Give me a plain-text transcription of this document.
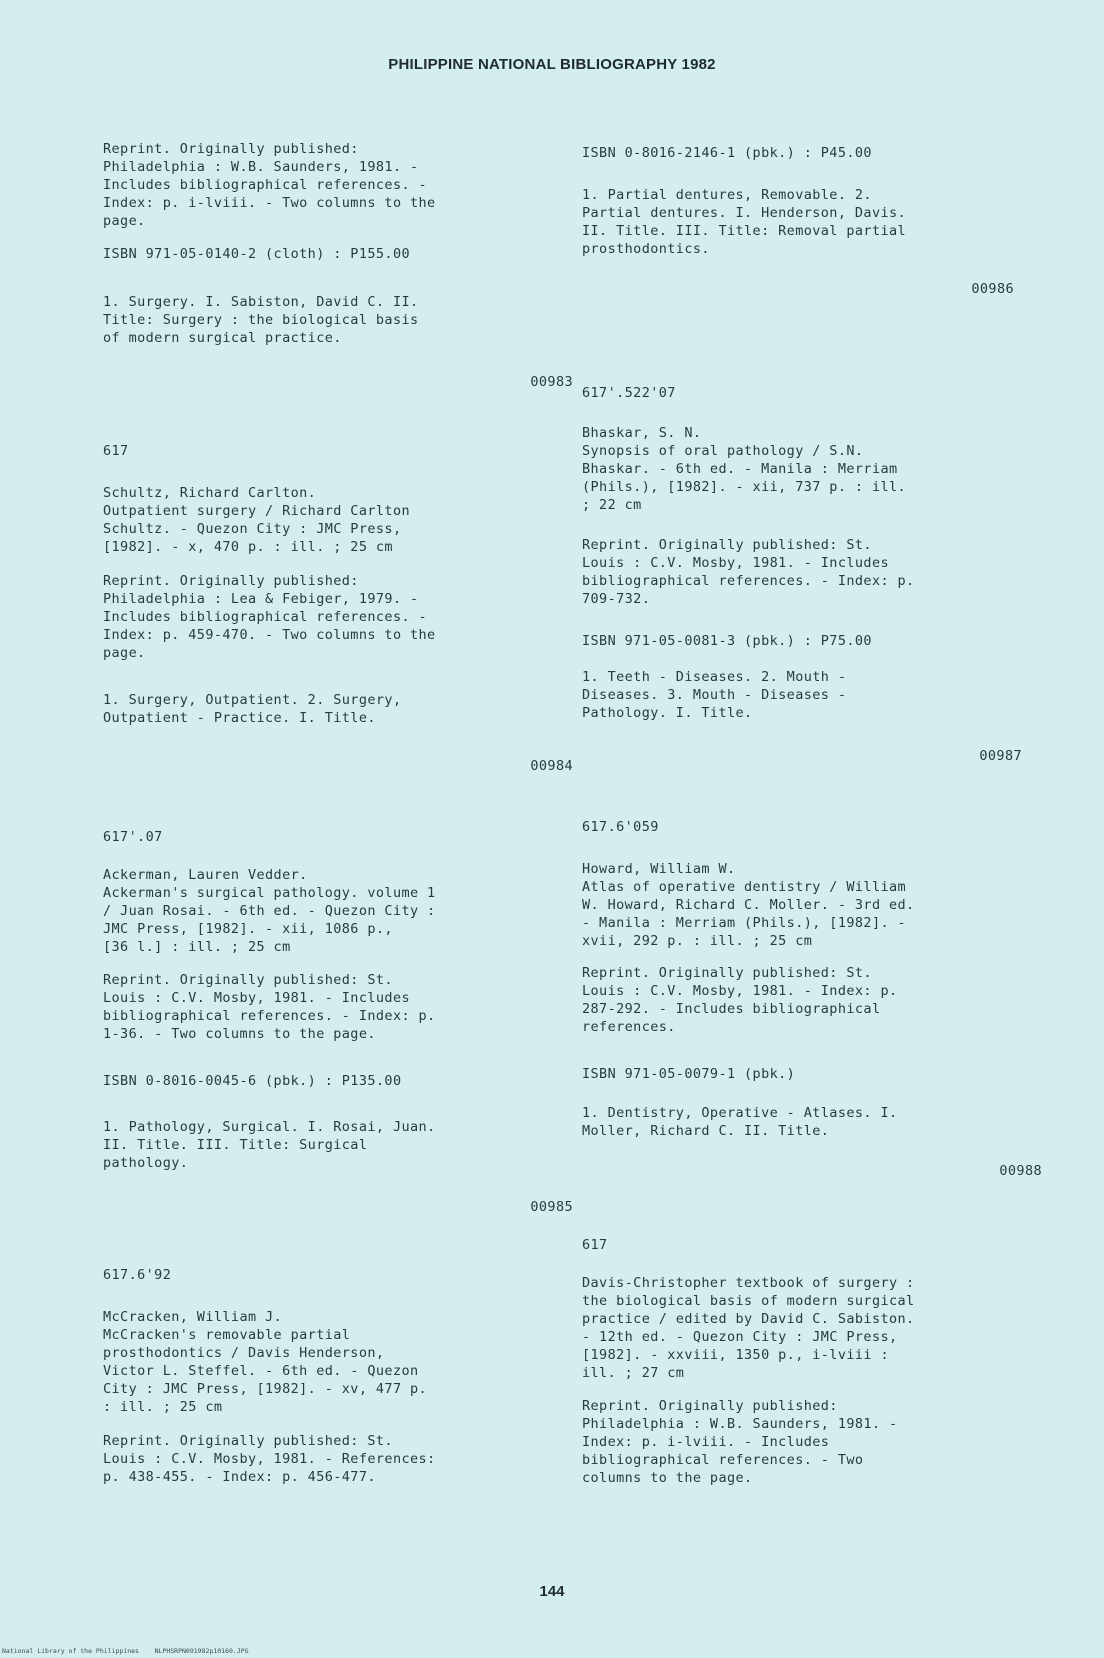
PHILIPPINE NATIONAL BIBLIOGRAPHY 1982

Reprint. Originally published:
Philadelphia : W.B. Saunders, 1981. -
Includes bibliographical references. -
Index: p. i-lviii. - Two columns to the
page.

ISBN 971-05-0140-2 (cloth) : P155.00

1. Surgery. I. Sabiston, David C. II.
Title: Surgery : the biological basis
of modern surgical practice.

00983

617

Schultz, Richard Carlton.
Outpatient surgery / Richard Carlton
Schultz. - Quezon City : JMC Press,
[1982]. - x, 470 p. : ill. ; 25 cm

Reprint. Originally published:
Philadelphia : Lea & Febiger, 1979. -
Includes bibliographical references. -
Index: p. 459-470. - Two columns to the
page.

1. Surgery, Outpatient. 2. Surgery,
Outpatient - Practice. I. Title.

00984

617'.07

Ackerman, Lauren Vedder.
Ackerman's surgical pathology. volume 1
/ Juan Rosai. - 6th ed. - Quezon City :
JMC Press, [1982]. - xii, 1086 p.,
[36 l.] : ill. ; 25 cm

Reprint. Originally published: St.
Louis : C.V. Mosby, 1981. - Includes
bibliographical references. - Index: p.
1-36. - Two columns to the page.

ISBN 0-8016-0045-6 (pbk.) : P135.00

1. Pathology, Surgical. I. Rosai, Juan.
II. Title. III. Title: Surgical
pathology.

00985

617.6'92

McCracken, William J.
McCracken's removable partial
prosthodontics / Davis Henderson,
Victor L. Steffel. - 6th ed. - Quezon
City : JMC Press, [1982]. - xv, 477 p.
: ill. ; 25 cm

Reprint. Originally published: St.
Louis : C.V. Mosby, 1981. - References:
p. 438-455. - Index: p. 456-477.

ISBN 0-8016-2146-1 (pbk.) : P45.00

1. Partial dentures, Removable. 2.
Partial dentures. I. Henderson, Davis.
II. Title. III. Title: Removal partial
prosthodontics.

00986

617'.522'07

Bhaskar, S. N.
Synopsis of oral pathology / S.N.
Bhaskar. - 6th ed. - Manila : Merriam
(Phils.), [1982]. - xii, 737 p. : ill.
; 22 cm

Reprint. Originally published: St.
Louis : C.V. Mosby, 1981. - Includes
bibliographical references. - Index: p.
709-732.

ISBN 971-05-0081-3 (pbk.) : P75.00

1. Teeth - Diseases. 2. Mouth -
Diseases. 3. Mouth - Diseases -
Pathology. I. Title.

00987

617.6'059

Howard, William W.
Atlas of operative dentistry / William
W. Howard, Richard C. Moller. - 3rd ed.
- Manila : Merriam (Phils.), [1982]. -
xvii, 292 p. : ill. ; 25 cm

Reprint. Originally published: St.
Louis : C.V. Mosby, 1981. - Index: p.
287-292. - Includes bibliographical
references.

ISBN 971-05-0079-1 (pbk.)

1. Dentistry, Operative - Atlases. I.
Moller, Richard C. II. Title.

00988

617

Davis-Christopher textbook of surgery :
the biological basis of modern surgical
practice / edited by David C. Sabiston.
- 12th ed. - Quezon City : JMC Press,
[1982]. - xxviii, 1350 p., i-lviii :
ill. ; 27 cm

Reprint. Originally published:
Philadelphia : W.B. Saunders, 1981. -
Index: p. i-lviii. - Includes
bibliographical references. - Two
columns to the page.

144
National Library of the Philippines    NLPHSRPN091982p10160.JPG
